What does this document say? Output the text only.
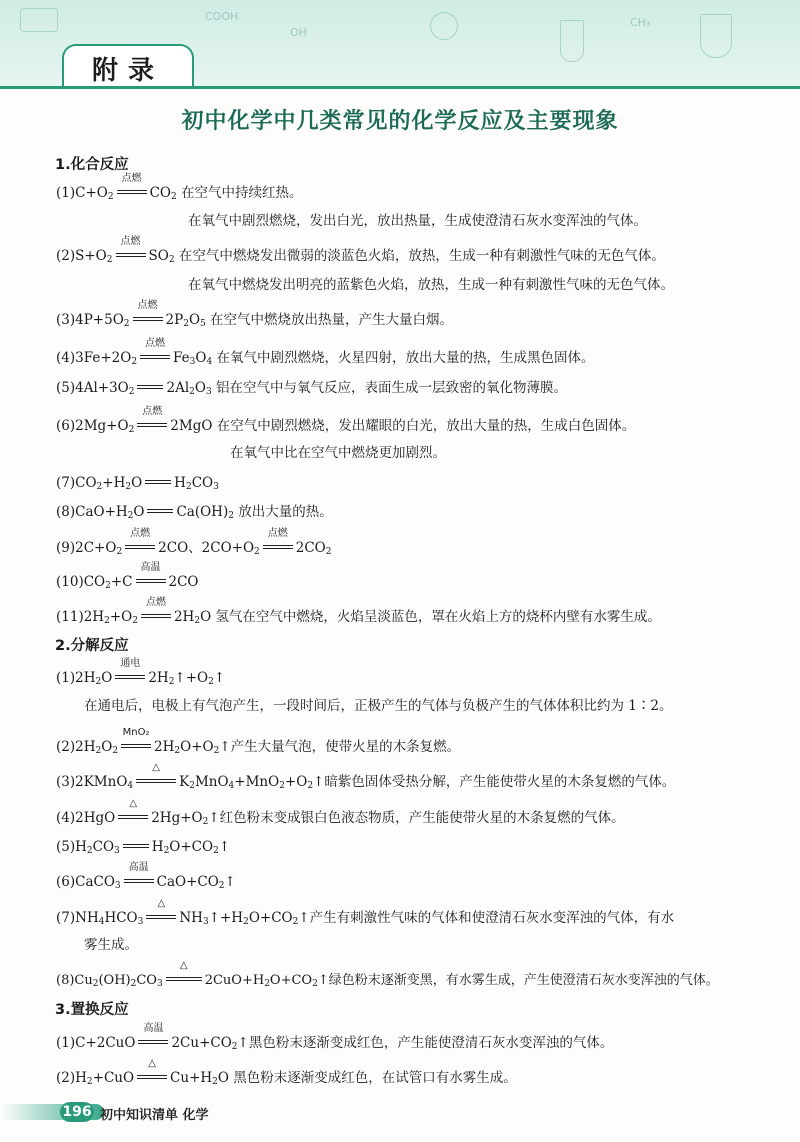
COOH
OH
CH₃
附录
初中化学中几类常见的化学反应及主要现象
1.化合反应
$(1)C+O_2$
点燃
$CO_2$ 在空气中持续红热。
在氧气中剧烈燃烧，发出白光，放出热量，生成使澄清石灰水变浑浊的气体。
$(2)S+O_2$
点燃
$SO_2$ 在空气中燃烧发出微弱的淡蓝色火焰，放热，生成一种有刺激性气味的无色气体。
在氧气中燃烧发出明亮的蓝紫色火焰，放热，生成一种有刺激性气味的无色气体。
$(3)4P+5O_2$
点燃
$2P_2O_5$ 在空气中燃烧放出热量，产生大量白烟。
$(4)3Fe+2O_2$
点燃
$Fe_3O_4$ 在氧气中剧烈燃烧，火星四射，放出大量的热，生成黑色固体。
$(5)4Al+3O_2$ $2Al_2O_3$ 铝在空气中与氧气反应，表面生成一层致密的氧化物薄膜。
$(6)2Mg+O_2$
点燃
2MgO 在空气中剧烈燃烧，发出耀眼的白光，放出大量的热，生成白色固体。
在氧气中比在空气中燃烧更加剧烈。
$(7)CO_2+H_2O$ $H_2CO_3$
$(8)CaO+H_2O$ $Ca(OH)_2$ 放出大量的热。
$(9)2C+O_2$
点燃
2CO、$2CO+O_2$
点燃
$2CO_2$
$(10)CO_2+C$
高温
2CO
$(11)2H_2+O_2$
点燃
$2H_2O$ 氢气在空气中燃烧，火焰呈淡蓝色，罩在火焰上方的烧杯内壁有水雾生成。
2.分解反应
$(1)2H_2O$
通电
$2H_2↑+O_2↑$
在通电后，电极上有气泡产生，一段时间后，正极产生的气体与负极产生的气体体积比约为 1∶2。
$(2)2H_2O_2$
MnO₂
$2H_2O+O_2↑$产生大量气泡，使带火星的木条复燃。
(3)2KMnO$_4$
△
$K_2MnO_4+MnO_2+O_2↑$暗紫色固体受热分解，产生能使带火星的木条复燃的气体。
(4)2HgO
△
$2Hg+O_2↑$红色粉末变成银白色液态物质，产生能使带火星的木条复燃的气体。
$(5)H_2CO_3$ $H_2O+CO_2↑$
(6)CaCO$_3$
高温
$CaO+CO_2↑$
$(7)NH_4HCO_3$
△
$NH_3↑+H_2O+CO_2↑$产生有刺激性气味的气体和使澄清石灰水变浑浊的气体，有水
雾生成。
$(8)Cu_2(OH)_2CO_3$
△
$2CuO+H_2O+CO_2↑$绿色粉末逐渐变黑，有水雾生成，产生使澄清石灰水变浑浊的气体。
3.置换反应
(1)C+2CuO
高温
$2Cu+CO_2↑$黑色粉末逐渐变成红色，产生能使澄清石灰水变浑浊的气体。
$(2)H_2+CuO$
△
$Cu+H_2O$ 黑色粉末逐渐变成红色，在试管口有水雾生成。
196 初中知识清单 化学
